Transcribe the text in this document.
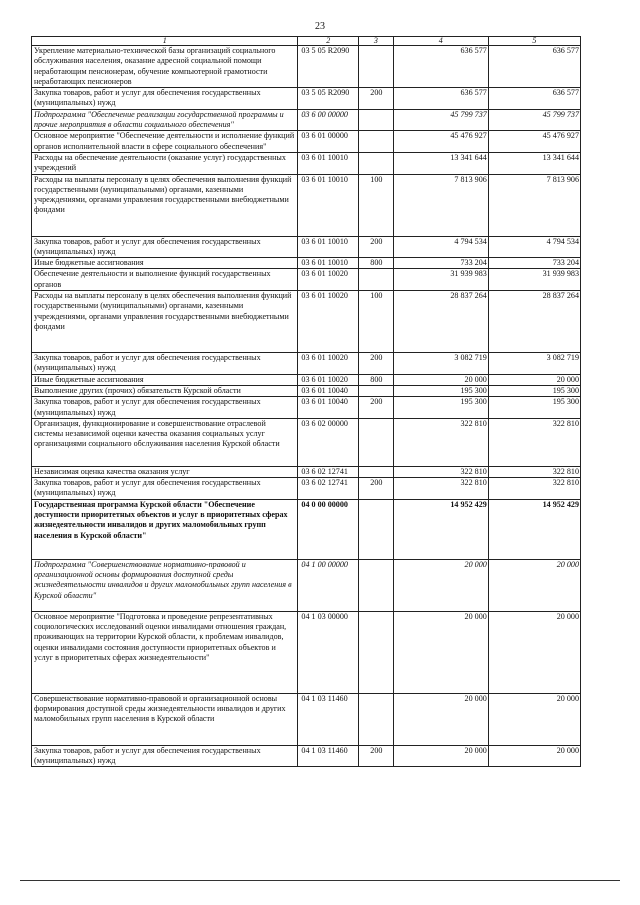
23
1	2	3	4	5
Укрепление материально-технической базы организаций социального обслуживания населения, оказание адресной социальной помощи неработающим пенсионерам, обучение компьютерной грамотности неработающих пенсионеров	03 5 05 R2090		636 577	636 577
Закупка товаров, работ и услуг для обеспечения государственных (муниципальных) нужд	03 5 05 R2090	200	636 577	636 577
Подпрограмма "Обеспечение реализации государственной программы и прочие мероприятия в области социального обеспечения"	03 6 00 00000		45 799 737	45 799 737
Основное мероприятие "Обеспечение деятельности и исполнение функций органов исполнительной власти в сфере социального обеспечения"	03 6 01 00000		45 476 927	45 476 927
Расходы на обеспечение деятельности (оказание услуг) государственных учреждений	03 6 01 10010		13 341 644	13 341 644
Расходы на выплаты персоналу в целях обеспечения выполнения функций государственными (муниципальными) органами, казенными учреждениями, органами управления государственными внебюджетными фондами	03 6 01 10010	100	7 813 906	7 813 906
Закупка товаров, работ и услуг для обеспечения государственных (муниципальных) нужд	03 6 01 10010	200	4 794 534	4 794 534
Иные бюджетные ассигнования	03 6 01 10010	800	733 204	733 204
Обеспечение деятельности и выполнение функций государственных органов	03 6 01 10020		31 939 983	31 939 983
Расходы на выплаты персоналу в целях обеспечения выполнения функций государственными (муниципальными) органами, казенными учреждениями, органами управления государственными внебюджетными фондами	03 6 01 10020	100	28 837 264	28 837 264
Закупка товаров, работ и услуг для обеспечения государственных (муниципальных) нужд	03 6 01 10020	200	3 082 719	3 082 719
Иные бюджетные ассигнования	03 6 01 10020	800	20 000	20 000
Выполнение других (прочих) обязательств Курской области	03 6 01 10040		195 300	195 300
Закупка товаров, работ и услуг для обеспечения государственных (муниципальных) нужд	03 6 01 10040	200	195 300	195 300
Организация, функционирование и совершенствование отраслевой системы независимой оценки качества оказания социальных услуг организациями социального обслуживания населения Курской области	03 6 02 00000		322 810	322 810
Независимая оценка качества оказания услуг	03 6 02 12741		322 810	322 810
Закупка товаров, работ и услуг для обеспечения государственных (муниципальных) нужд	03 6 02 12741	200	322 810	322 810
Государственная программа Курской области "Обеспечение доступности приоритетных объектов и услуг в приоритетных сферах жизнедеятельности инвалидов и других маломобильных групп населения в Курской области"	04 0 00 00000		14 952 429	14 952 429
Подпрограмма "Совершенствование нормативно-правовой и организационной основы формирования доступной среды жизнедеятельности инвалидов и других маломобильных групп населения в Курской области"	04 1 00 00000		20 000	20 000
Основное мероприятие "Подготовка и проведение репрезентативных социологических исследований оценки инвалидами отношения граждан, проживающих на территории Курской области, к проблемам инвалидов, оценки инвалидами состояния доступности приоритетных объектов и услуг в приоритетных сферах жизнедеятельности"	04 1 03 00000		20 000	20 000
Совершенствование нормативно-правовой и организационной основы формирования доступной среды жизнедеятельности инвалидов и других маломобильных групп населения в Курской области	04 1 03 11460		20 000	20 000
Закупка товаров, работ и услуг для обеспечения государственных (муниципальных) нужд	04 1 03 11460	200	20 000	20 000
